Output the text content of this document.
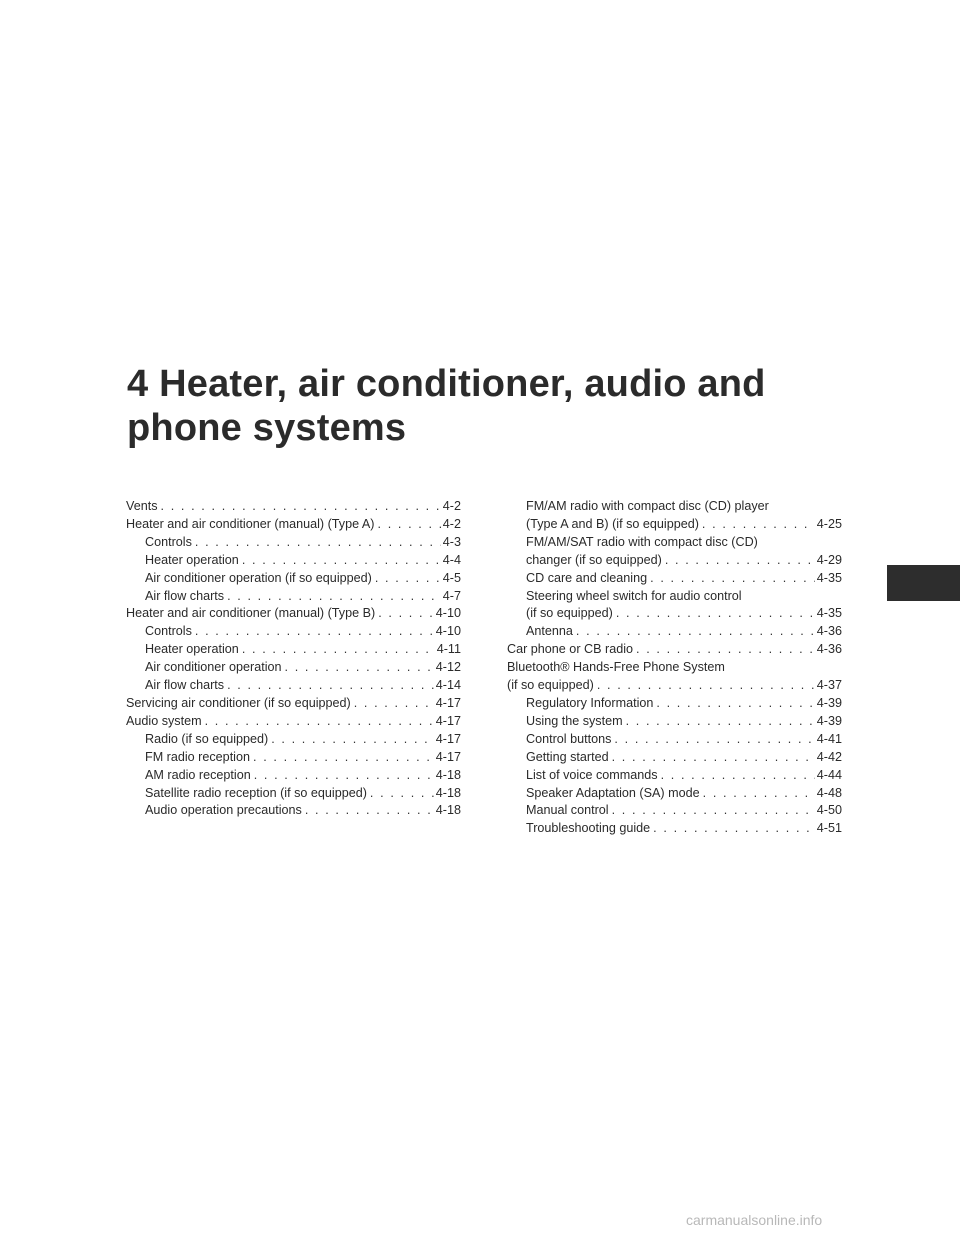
4 Heater, air conditioner, audio and phone systems
Vents . . .	4-2
Heater and air conditioner (manual) (Type A) . . .	4-2
Controls . . .	4-3
Heater operation . . .	4-4
Air conditioner operation (if so equipped) . . .	4-5
Air flow charts . . .	4-7
Heater and air conditioner (manual) (Type B) . . .	4-10
Controls . . .	4-10
Heater operation . . .	4-11
Air conditioner operation . . .	4-12
Air flow charts . . .	4-14
Servicing air conditioner (if so equipped) . . .	4-17
Audio system . . .	4-17
Radio (if so equipped) . . .	4-17
FM radio reception . . .	4-17
AM radio reception . . .	4-18
Satellite radio reception (if so equipped) . . .	4-18
Audio operation precautions . . .	4-18
FM/AM radio with compact disc (CD) player
(Type A and B) (if so equipped) . . .	4-25
FM/AM/SAT radio with compact disc (CD)
changer (if so equipped) . . .	4-29
CD care and cleaning . . .	4-35
Steering wheel switch for audio control
(if so equipped) . . .	4-35
Antenna . . .	4-36
Car phone or CB radio . . .	4-36
Bluetooth® Hands-Free Phone System
(if so equipped) . . .	4-37
Regulatory Information . . .	4-39
Using the system . . .	4-39
Control buttons . . .	4-41
Getting started . . .	4-42
List of voice commands . . .	4-44
Speaker Adaptation (SA) mode . . .	4-48
Manual control . . .	4-50
Troubleshooting guide . . .	4-51
carmanualsonline.info
